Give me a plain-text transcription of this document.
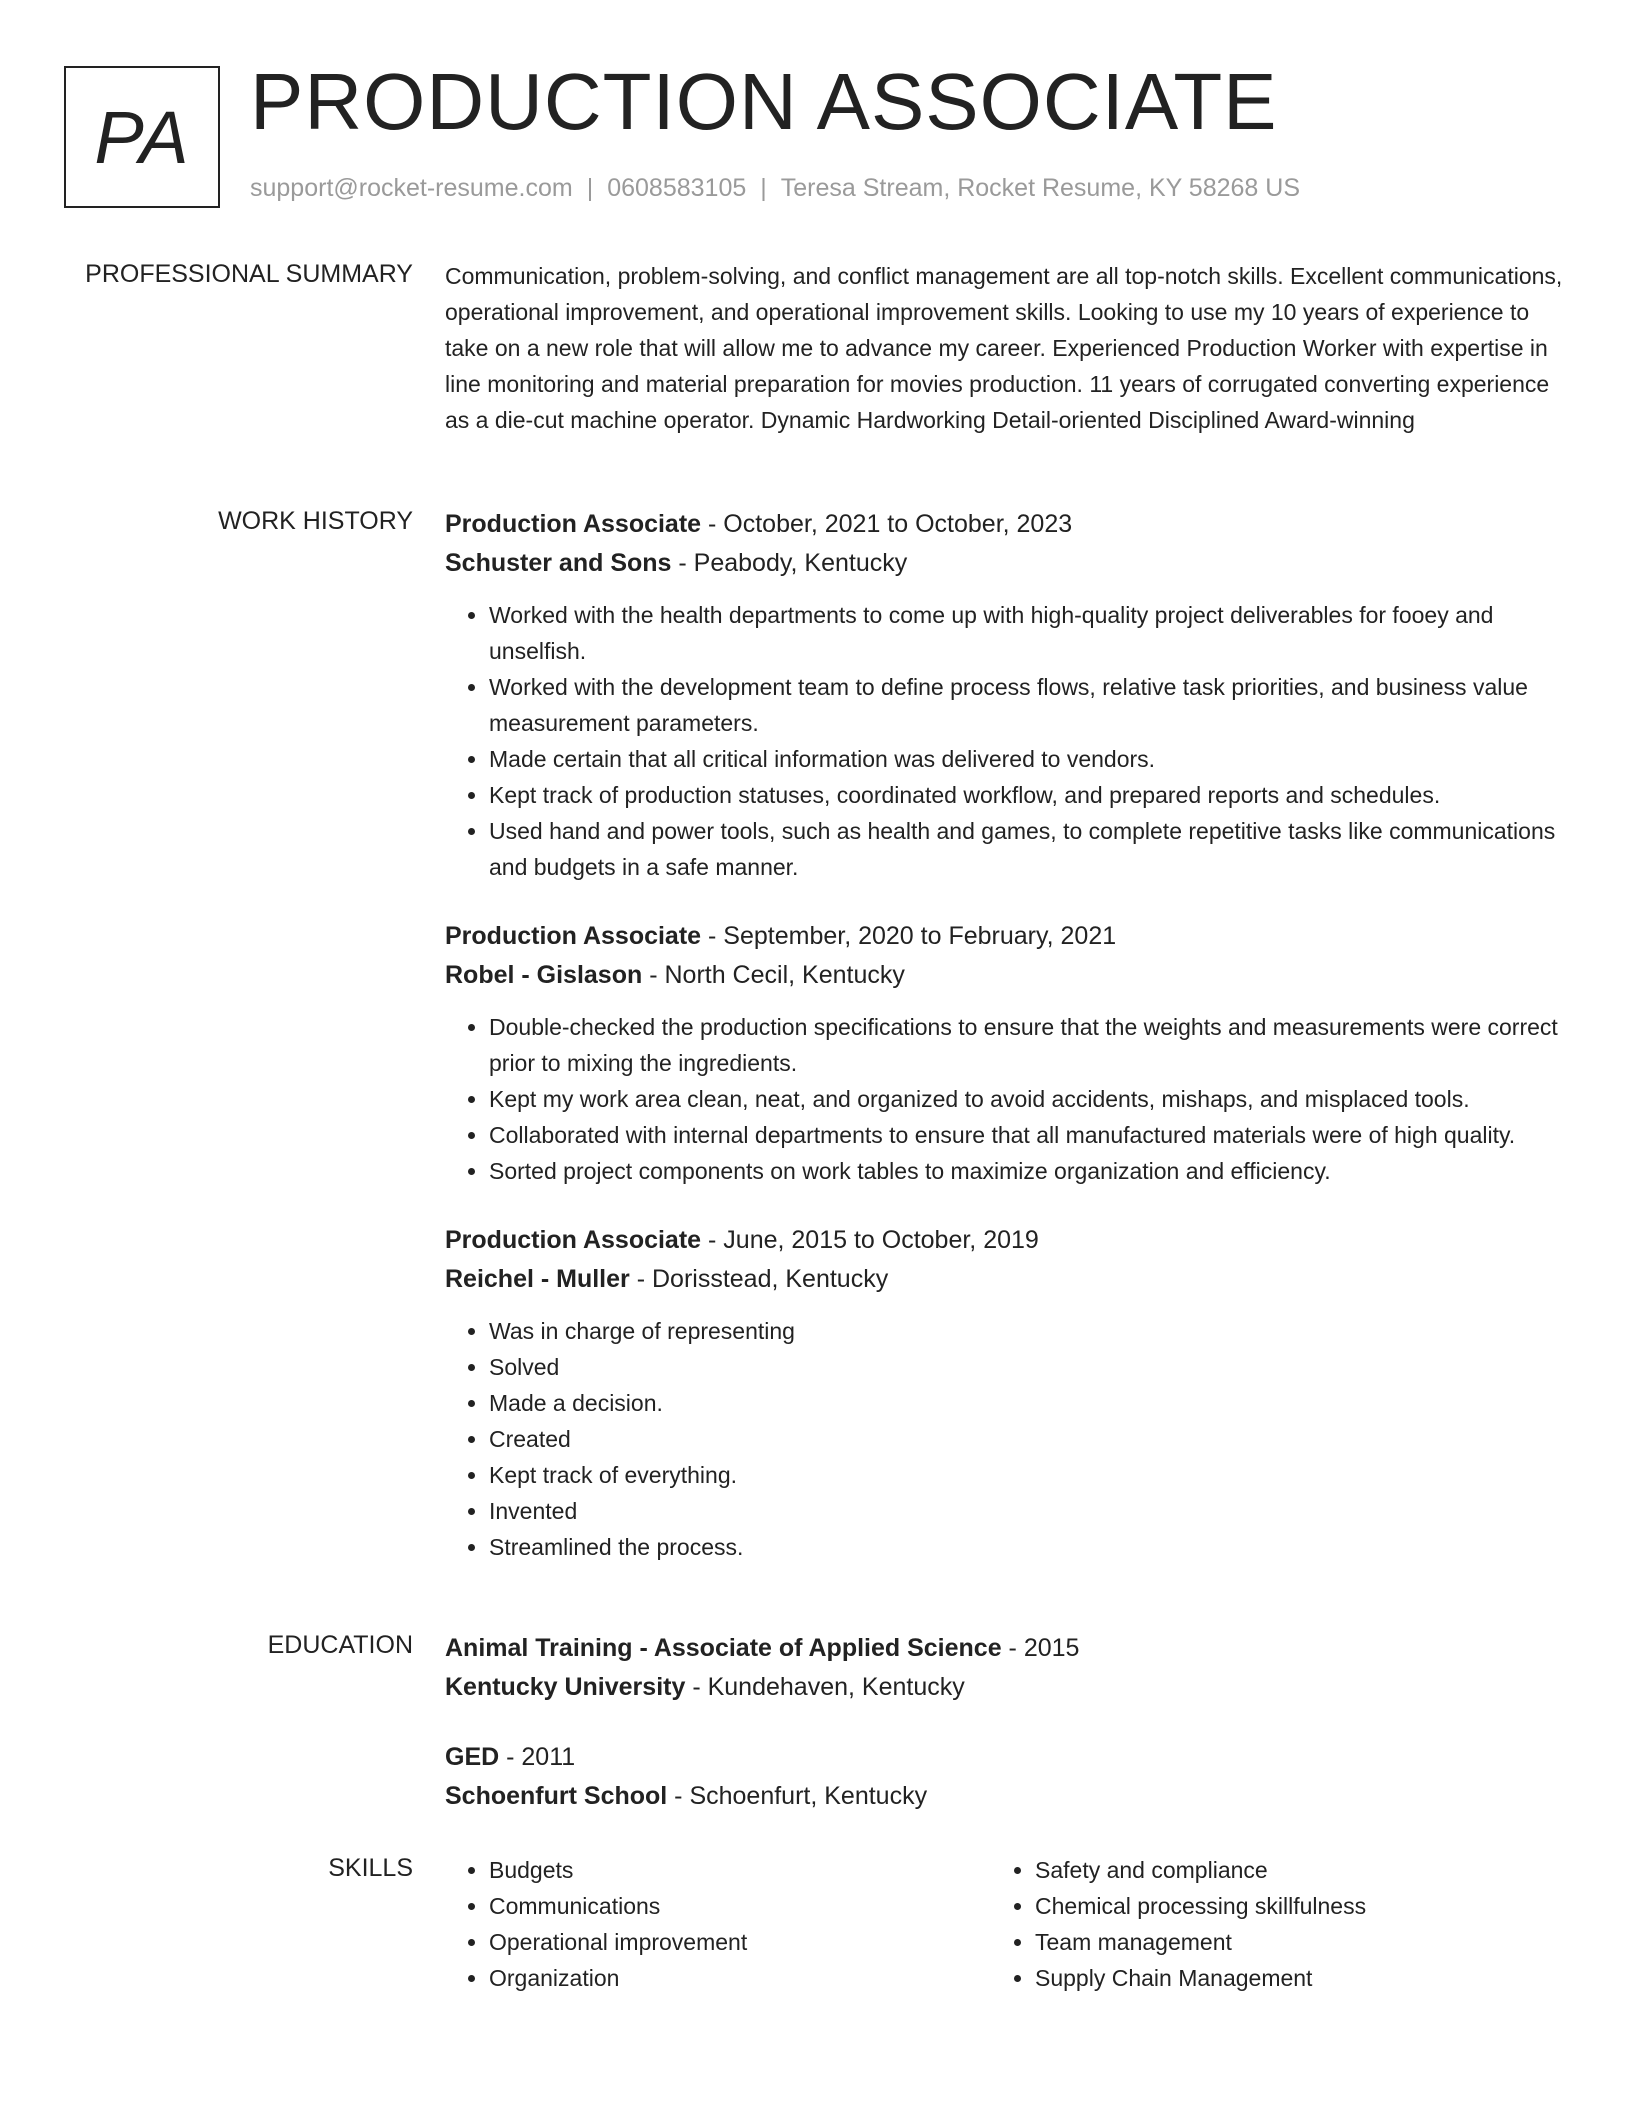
PA PRODUCTION ASSOCIATE
support@rocket-resume.com | 0608583105 | Teresa Stream, Rocket Resume, KY 58268 US
PROFESSIONAL SUMMARY Communication, problem-solving, and conflict management are all top-notch skills. Excellent communications, operational improvement, and operational improvement skills. Looking to use my 10 years of experience to take on a new role that will allow me to advance my career. Experienced Production Worker with expertise in line monitoring and material preparation for movies production. 11 years of corrugated converting experience as a die-cut machine operator. Dynamic Hardworking Detail-oriented Disciplined Award-winning
WORK HISTORY Production Associate - October, 2021 to October, 2023
Schuster and Sons - Peabody, Kentucky
• Worked with the health departments to come up with high-quality project deliverables for fooey and unselfish.
• Worked with the development team to define process flows, relative task priorities, and business value measurement parameters.
• Made certain that all critical information was delivered to vendors.
• Kept track of production statuses, coordinated workflow, and prepared reports and schedules.
• Used hand and power tools, such as health and games, to complete repetitive tasks like communications and budgets in a safe manner.
Production Associate - September, 2020 to February, 2021
Robel - Gislason - North Cecil, Kentucky
• Double-checked the production specifications to ensure that the weights and measurements were correct prior to mixing the ingredients.
• Kept my work area clean, neat, and organized to avoid accidents, mishaps, and misplaced tools.
• Collaborated with internal departments to ensure that all manufactured materials were of high quality.
• Sorted project components on work tables to maximize organization and efficiency.
Production Associate - June, 2015 to October, 2019
Reichel - Muller - Dorisstead, Kentucky
• Was in charge of representing
• Solved
• Made a decision.
• Created
• Kept track of everything.
• Invented
• Streamlined the process.
EDUCATION Animal Training - Associate of Applied Science - 2015
Kentucky University - Kundehaven, Kentucky
GED - 2011
Schoenfurt School - Schoenfurt, Kentucky
SKILLS
•	Budgets
• Communications
• Operational improvement
• Organization
• Safety and compliance
• Chemical processing skillfulness
• Team management
• Supply Chain Management
